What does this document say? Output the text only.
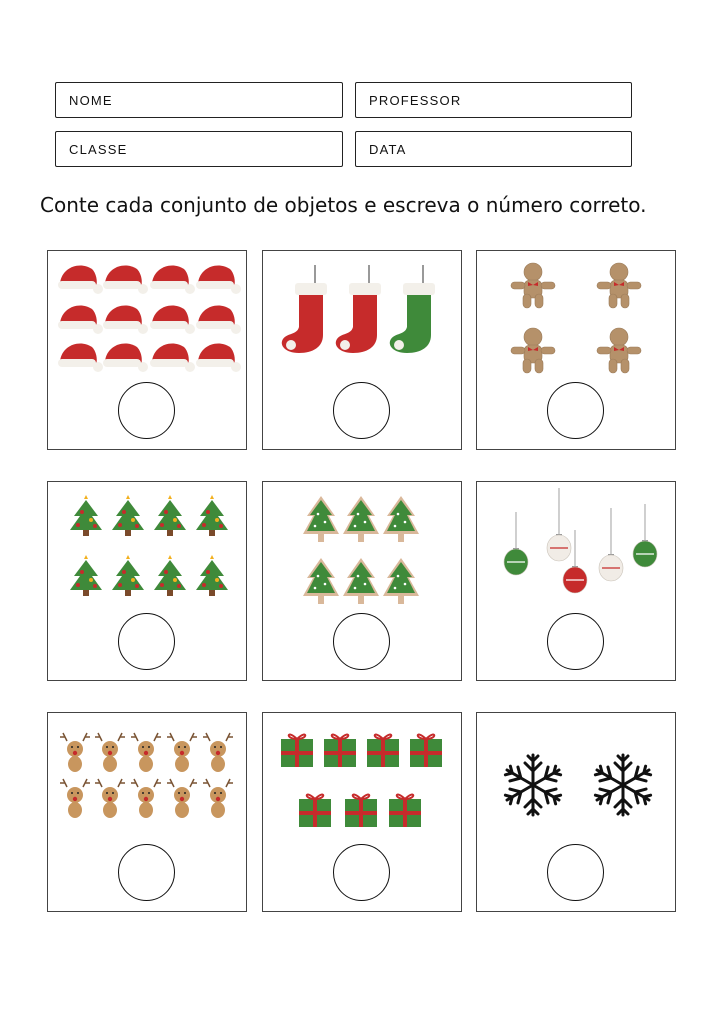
NOME	PROFESSOR
CLASSE	DATA
Conte cada conjunto de objetos e escreva o número correto.
